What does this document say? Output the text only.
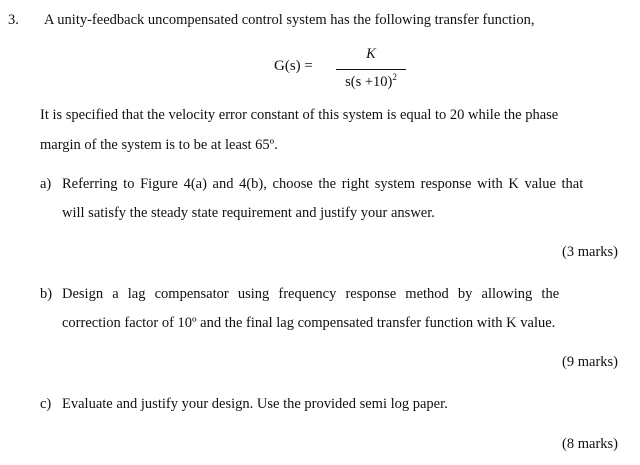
3. A unity-feedback uncompensated control system has the following transfer function,
G(s) =
K
$s(s +10)^2$
It is specified that the velocity error constant of this system is equal to 20 while the phase
margin of the system is to be at least 65º.
a) Referring to Figure 4(a) and 4(b), choose the right system response with K value that
will satisfy the steady state requirement and justify your answer.
(3 marks)
b) Design a lag compensator using frequency response method by allowing the
correction factor of 10º and the final lag compensated transfer function with K value.
(9 marks)
c) Evaluate and justify your design. Use the provided semi log paper.
(8 marks)
